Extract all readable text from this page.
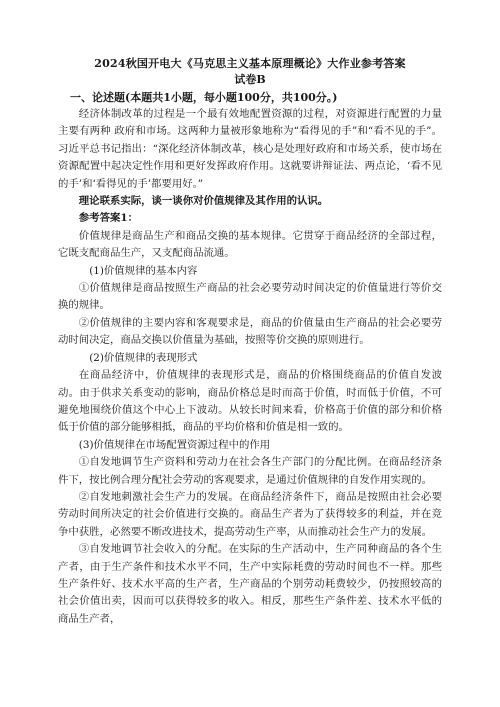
2024秋国开电大《马克思主义基本原理概论》大作业参考答案
试卷B
一、论述题(本题共1小题，每小题100分，共100分。)

经济体制改革的过程是一个最有效地配置资源的过程，对资源进行配置的力量主要有两种 政府和市场。这两种力量被形象地称为“看得见的手”和“看不见的手”。习近平总书记指出：“深化经济体制改革，核心是处理好政府和市场关系，使市场在资源配置中起决定性作用和更好发挥政府作用。这就要讲辩证法、两点论，‘看不见的手’和‘看得见的手’都要用好。”

理论联系实际，谈一谈你对价值规律及其作用的认识。

参考答案1：

价值规律是商品生产和商品交换的基本规律。它贯穿于商品经济的全部过程，它既支配商品生产，又支配商品流通。

(1)价值规律的基本内容

①价值规律是商品按照生产商品的社会必要劳动时间决定的价值量进行等价交换的规律。

②价值规律的主要内容和客观要求是，商品的价值量由生产商品的社会必要劳动时间决定，商品交换以价值量为基础，按照等价交换的原则进行。

(2)价值规律的表现形式

在商品经济中，价值规律的表现形式是，商品的价格围绕商品的价值自发波动。由于供求关系变动的影响，商品价格总是时而高于价值，时而低于价值，不可避免地围绕价值这个中心上下波动。从较长时间来看，价格高于价值的部分和价格低于价值的部分能够相抵，商品的平均价格和价值是相一致的。

(3)价值规律在市场配置资源过程中的作用

①自发地调节生产资料和劳动力在社会各生产部门的分配比例。在商品经济条件下，按比例合理分配社会劳动的客观要求，是通过价值规律的自发作用实现的。

②自发地刺激社会生产力的发展。在商品经济条件下，商品是按照由社会必要劳动时间所决定的社会价值进行交换的。商品生产者为了获得较多的利益，并在竞争中获胜，必然要不断改进技术，提高劳动生产率，从而推动社会生产力的发展。

③自发地调节社会收入的分配。在实际的生产活动中，生产同种商品的各个生产者，由于生产条件和技术水平不同，生产中实际耗费的劳动时间也不一样。那些生产条件好、技术水平高的生产者，生产商品的个别劳动耗费较少，仍按照较高的社会价值出卖，因而可以获得较多的收入。相反，那些生产条件差、技术水平低的商品生产者，
